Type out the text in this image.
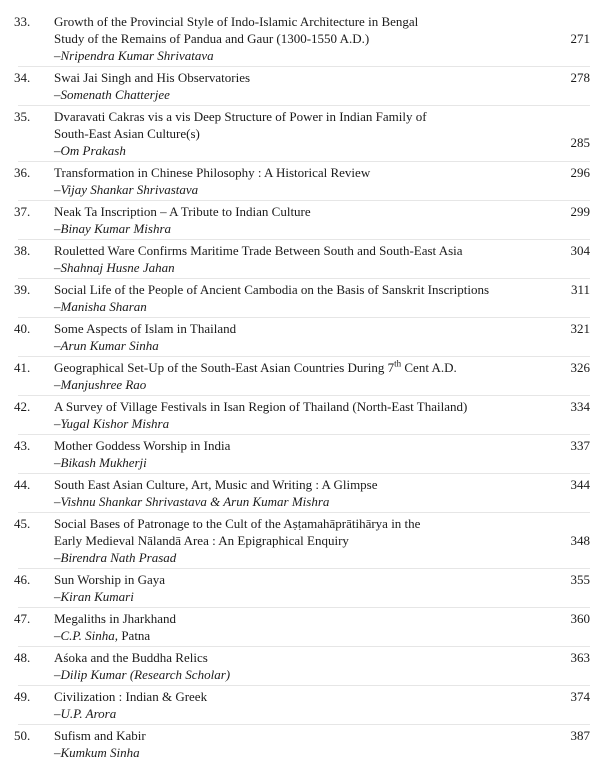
33.	Growth of the Provincial Style of Indo-Islamic Architecture in Bengal
Study of the Remains of Pandua and Gaur (1300-1550 A.D.)
–Nripendra Kumar Shrivatava
271
34.	Swai Jai Singh and His Observatories
–Somenath Chatterjee
278
35.	Dvaravati Cakras vis a vis Deep Structure of Power in Indian Family of
South-East Asian Culture(s)
–Om Prakash
285
36.	Transformation in Chinese Philosophy : A Historical Review
–Vijay Shankar Shrivastava
296
37.	Neak Ta Inscription – A Tribute to Indian Culture
–Binay Kumar Mishra
299
38.	Rouletted Ware Confirms Maritime Trade Between South and South-East Asia
–Shahnaj Husne Jahan
304
39.	Social Life of the People of Ancient Cambodia on the Basis of Sanskrit Inscriptions
–Manisha Sharan
311
40.	Some Aspects of Islam in Thailand
–Arun Kumar Sinha
321
41.	Geographical Set-Up of the South-East Asian Countries During 7th Cent A.D.
–Manjushree Rao
326
42.	A Survey of Village Festivals in Isan Region of Thailand (North-East Thailand)
–Yugal Kishor Mishra
334
43.	Mother Goddess Worship in India
–Bikash Mukherji
337
44.	South East Asian Culture, Art, Music and Writing : A Glimpse
–Vishnu Shankar Shrivastava & Arun Kumar Mishra
344
45.	Social Bases of Patronage to the Cult of the Aṣṭamahāprātihārya in the
Early Medieval Nālandā Area : An Epigraphical Enquiry
–Birendra Nath Prasad
348
46.	Sun Worship in Gaya
–Kiran Kumari
355
47.	Megaliths in Jharkhand
–C.P. Sinha, Patna
360
48.	Aśoka and the Buddha Relics
–Dilip Kumar (Research Scholar)
363
49.	Civilization : Indian & Greek
–U.P. Arora
374
50.	Sufism and Kabir
–Kumkum Sinha
387
